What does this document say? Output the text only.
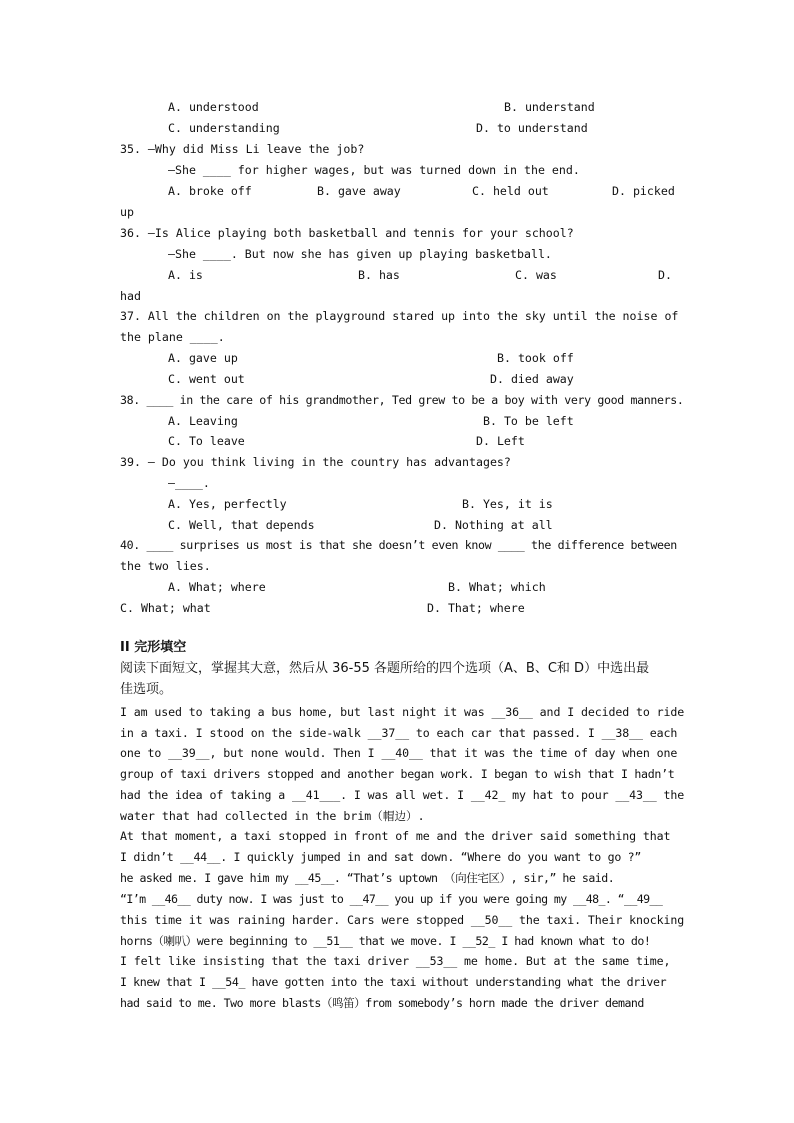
A. understood	B. understand
C. understanding	D. to understand
35. —Why did Miss Li leave the job?
—She ____ for higher wages, but was turned down in the end.
A. broke off	B. gave away	C. held out	D. picked
up
36. —Is Alice playing both basketball and tennis for your school?
—She ____. But now she has given up playing basketball.
A. is	B. has	C. was	D.
had
37. All the children on the playground stared up into the sky until the noise of
the plane ____.
A. gave up	B. took off
C. went out	D. died away
38. ____ in the care of his grandmother, Ted grew to be a boy with very good manners.
A. Leaving	B. To be left
C. To leave	D. Left
39. — Do you think living in the country has advantages?
—____.
A. Yes, perfectly	B. Yes, it is
C. Well, that depends	D. Nothing at all
40. ____ surprises us most is that she doesn’t even know ____ the difference between
the two lies.
A. What; where	B. What; which
C. What; what	D. That; where
II 完形填空
阅读下面短文，掌握其大意，然后从 36-55 各题所给的四个选项（A、B、C和 D）中选出最
佳选项。
I am used to taking a bus home, but last night it was __36__ and I decided to ride
in a taxi. I stood on the side-walk __37__ to each car that passed. I __38__ each
one to __39__, but none would. Then I __40__ that it was the time of day when one
group of taxi drivers stopped and another began work. I began to wish that I hadn’t
had the idea of taking a __41___. I was all wet. I __42_ my hat to pour __43__ the
water that had collected in the brim（帽边）.
At that moment, a taxi stopped in front of me and the driver said something that
I didn’t __44__. I quickly jumped in and sat down. “Where do you want to go ?”
he asked me. I gave him my __45__. “That’s uptown （向住宅区）, sir,” he said.
“I’m __46__ duty now. I was just to __47__ you up if you were going my __48_. “__49__
this time it was raining harder. Cars were stopped __50__ the taxi. Their knocking
horns（喇叭）were beginning to __51__ that we move. I __52_ I had known what to do!
I felt like insisting that the taxi driver __53__ me home. But at the same time,
I knew that I __54_ have gotten into the taxi without understanding what the driver
had said to me. Two more blasts（鸣笛）from somebody’s horn made the driver demand
